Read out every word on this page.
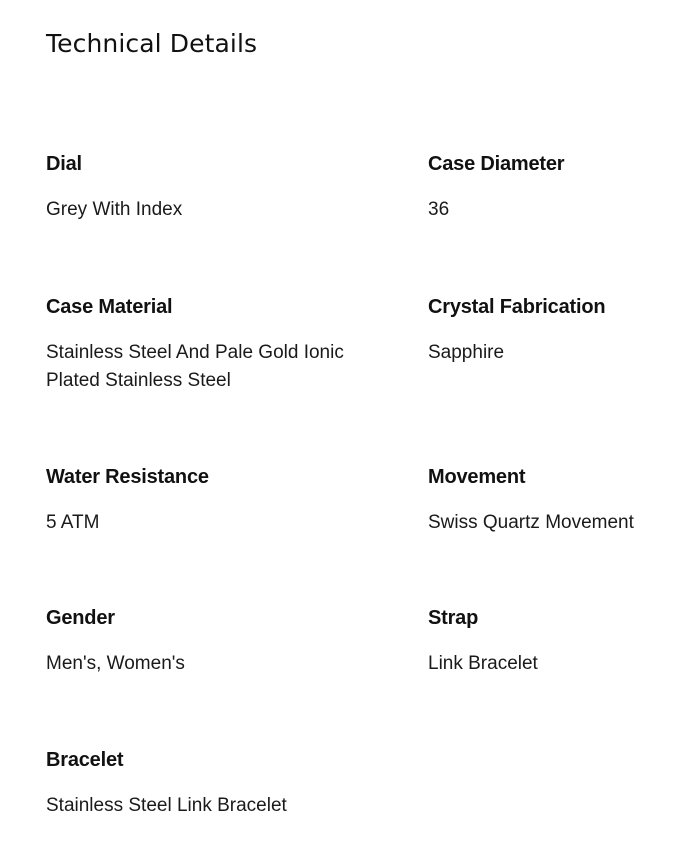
Technical Details
Dial
Grey With Index
Case Diameter
36
Case Material
Stainless Steel And Pale Gold Ionic Plated Stainless Steel
Crystal Fabrication
Sapphire
Water Resistance
5 ATM
Movement
Swiss Quartz Movement
Gender
Men's, Women's
Strap
Link Bracelet
Bracelet
Stainless Steel Link Bracelet
